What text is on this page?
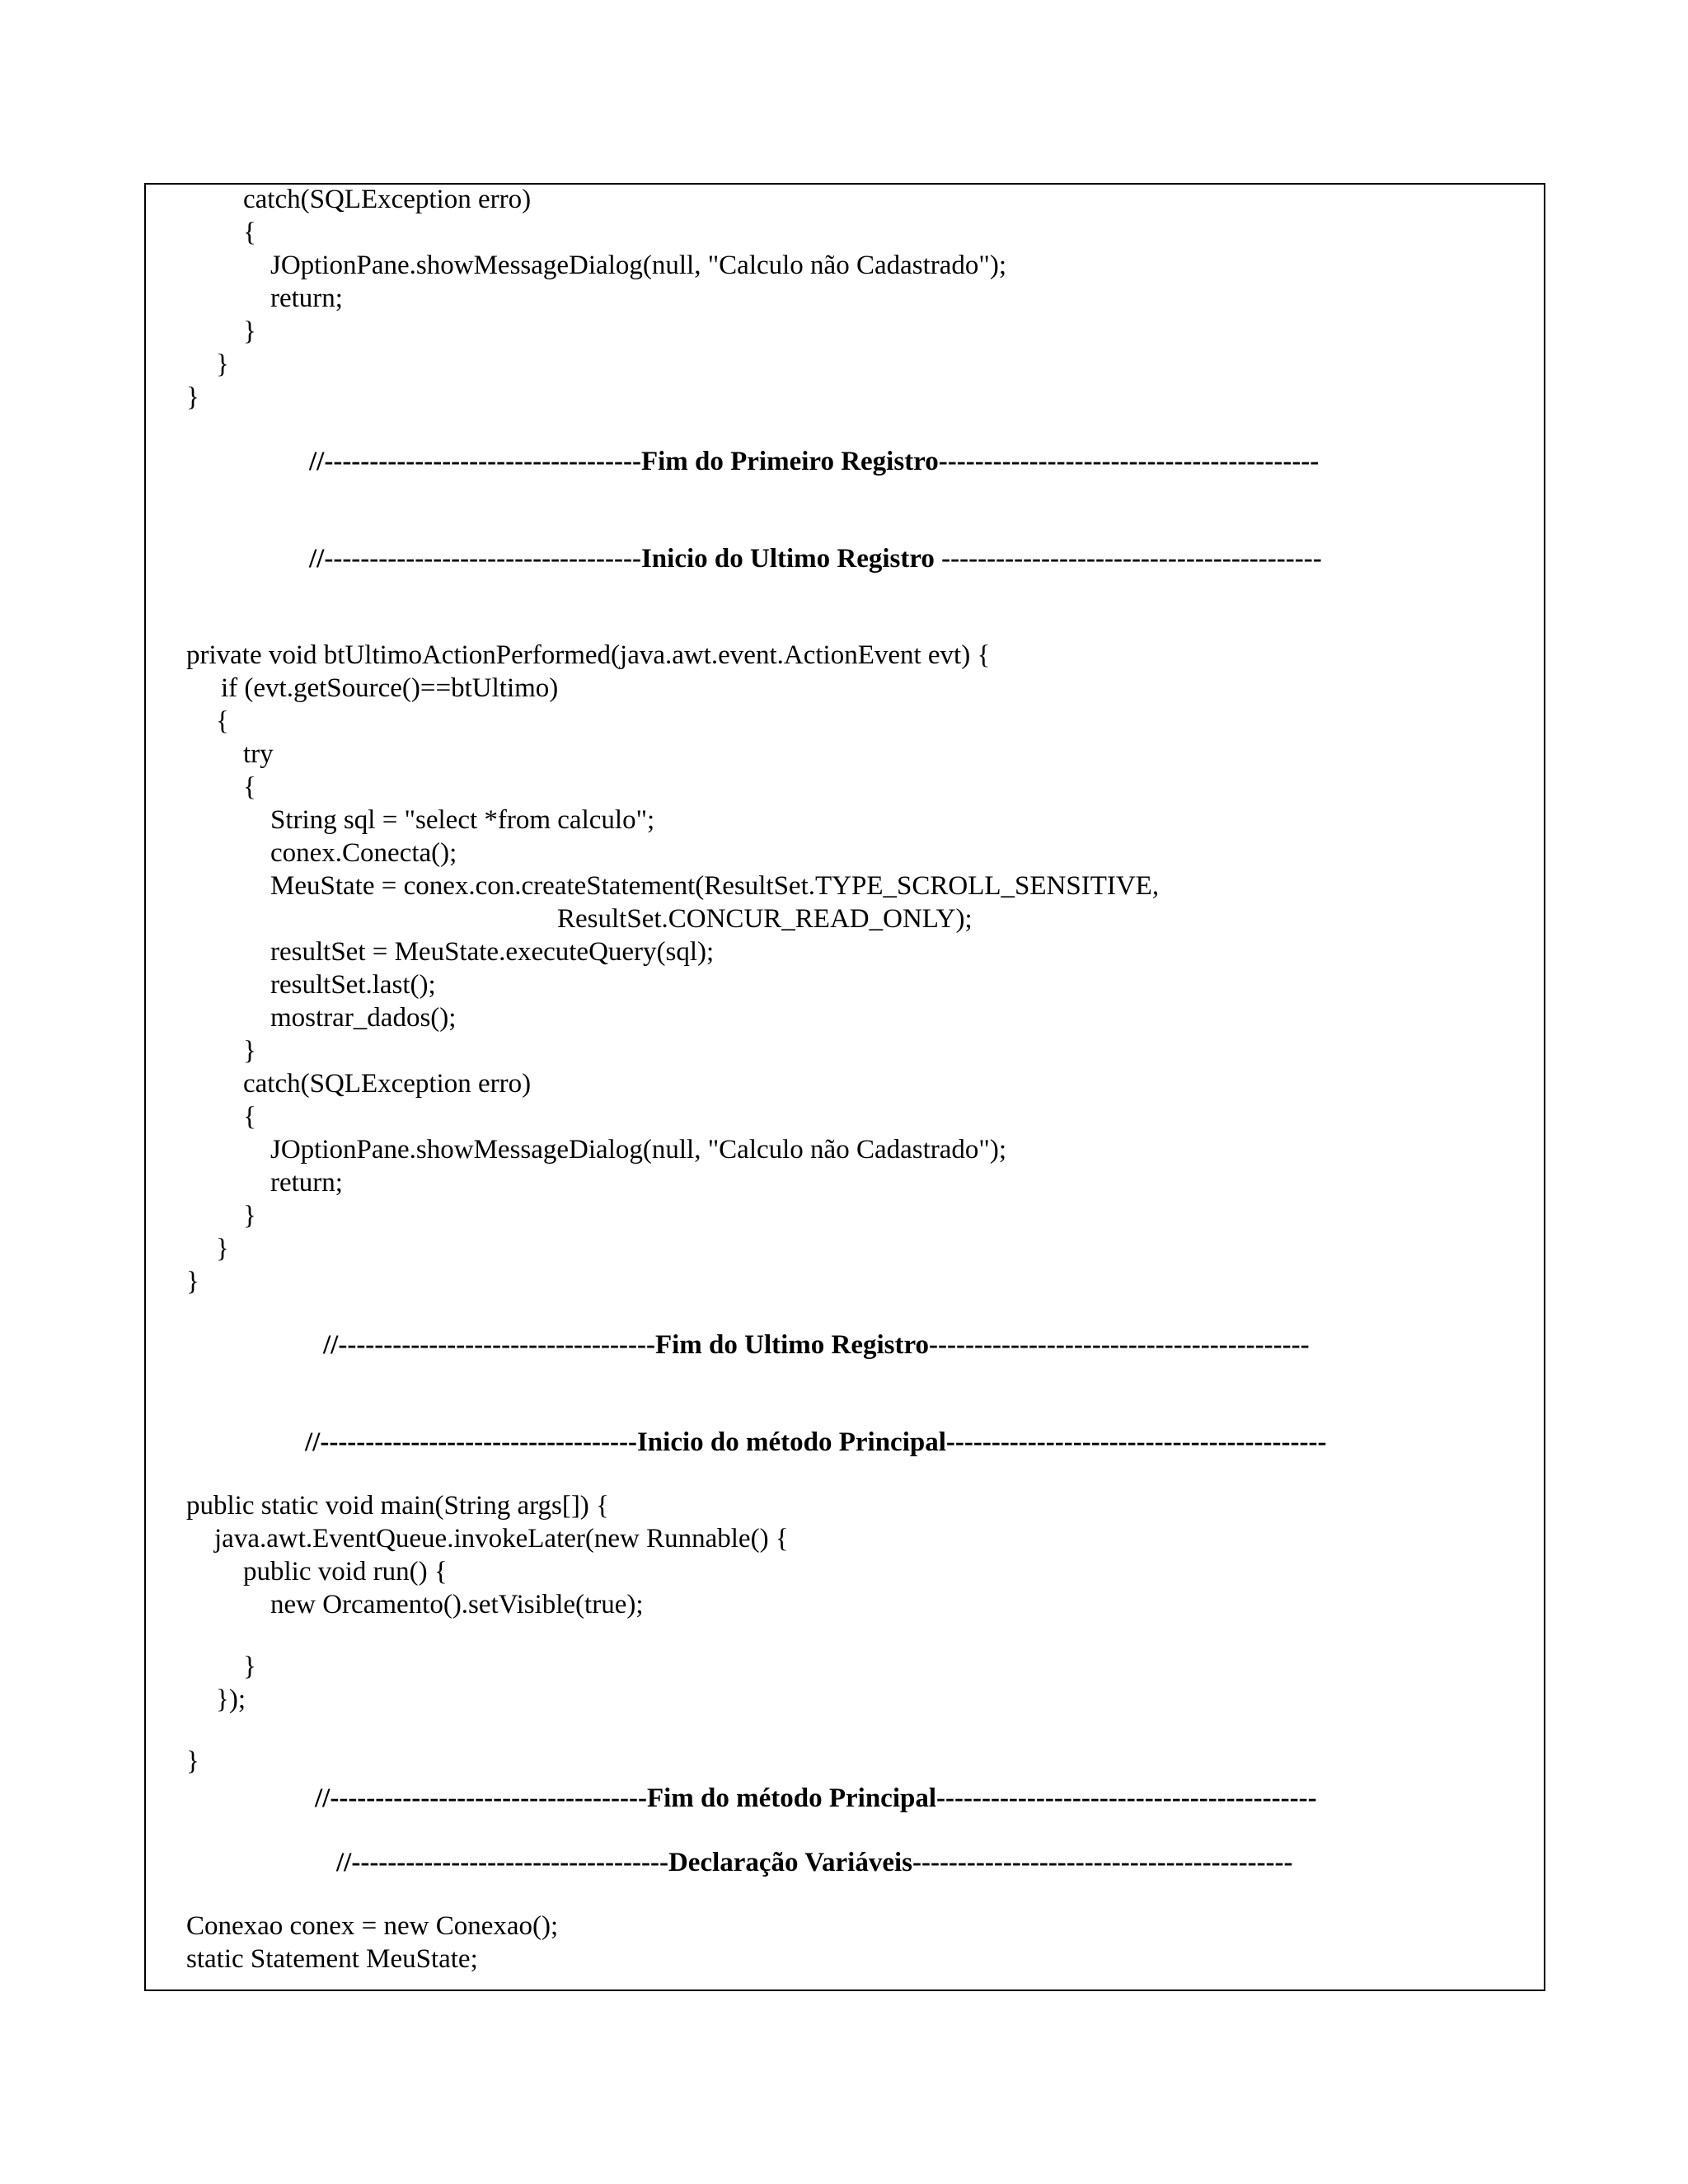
catch(SQLException erro)
{
JOptionPane.showMessageDialog(null, "Calculo não Cadastrado");
return;
}
}
}
//-----------------------------------Fim do Primeiro Registro------------------------------------------
//-----------------------------------Inicio do Ultimo Registro ------------------------------------------
private void btUltimoActionPerformed(java.awt.event.ActionEvent evt) {
if (evt.getSource()==btUltimo)
{
try
{
String sql = "select *from calculo";
conex.Conecta();
MeuState = conex.con.createStatement(ResultSet.TYPE_SCROLL_SENSITIVE,
ResultSet.CONCUR_READ_ONLY);
resultSet = MeuState.executeQuery(sql);
resultSet.last();
mostrar_dados();
}
catch(SQLException erro)
{
JOptionPane.showMessageDialog(null, "Calculo não Cadastrado");
return;
}
}
}
//-----------------------------------Fim do Ultimo Registro------------------------------------------
//-----------------------------------Inicio do método Principal------------------------------------------
public static void main(String args[]) {
java.awt.EventQueue.invokeLater(new Runnable() {
public void run() {
new Orcamento().setVisible(true);
}
});
}
//-----------------------------------Fim do método Principal------------------------------------------
//-----------------------------------Declaração Variáveis------------------------------------------
Conexao conex = new Conexao();
static Statement MeuState;
